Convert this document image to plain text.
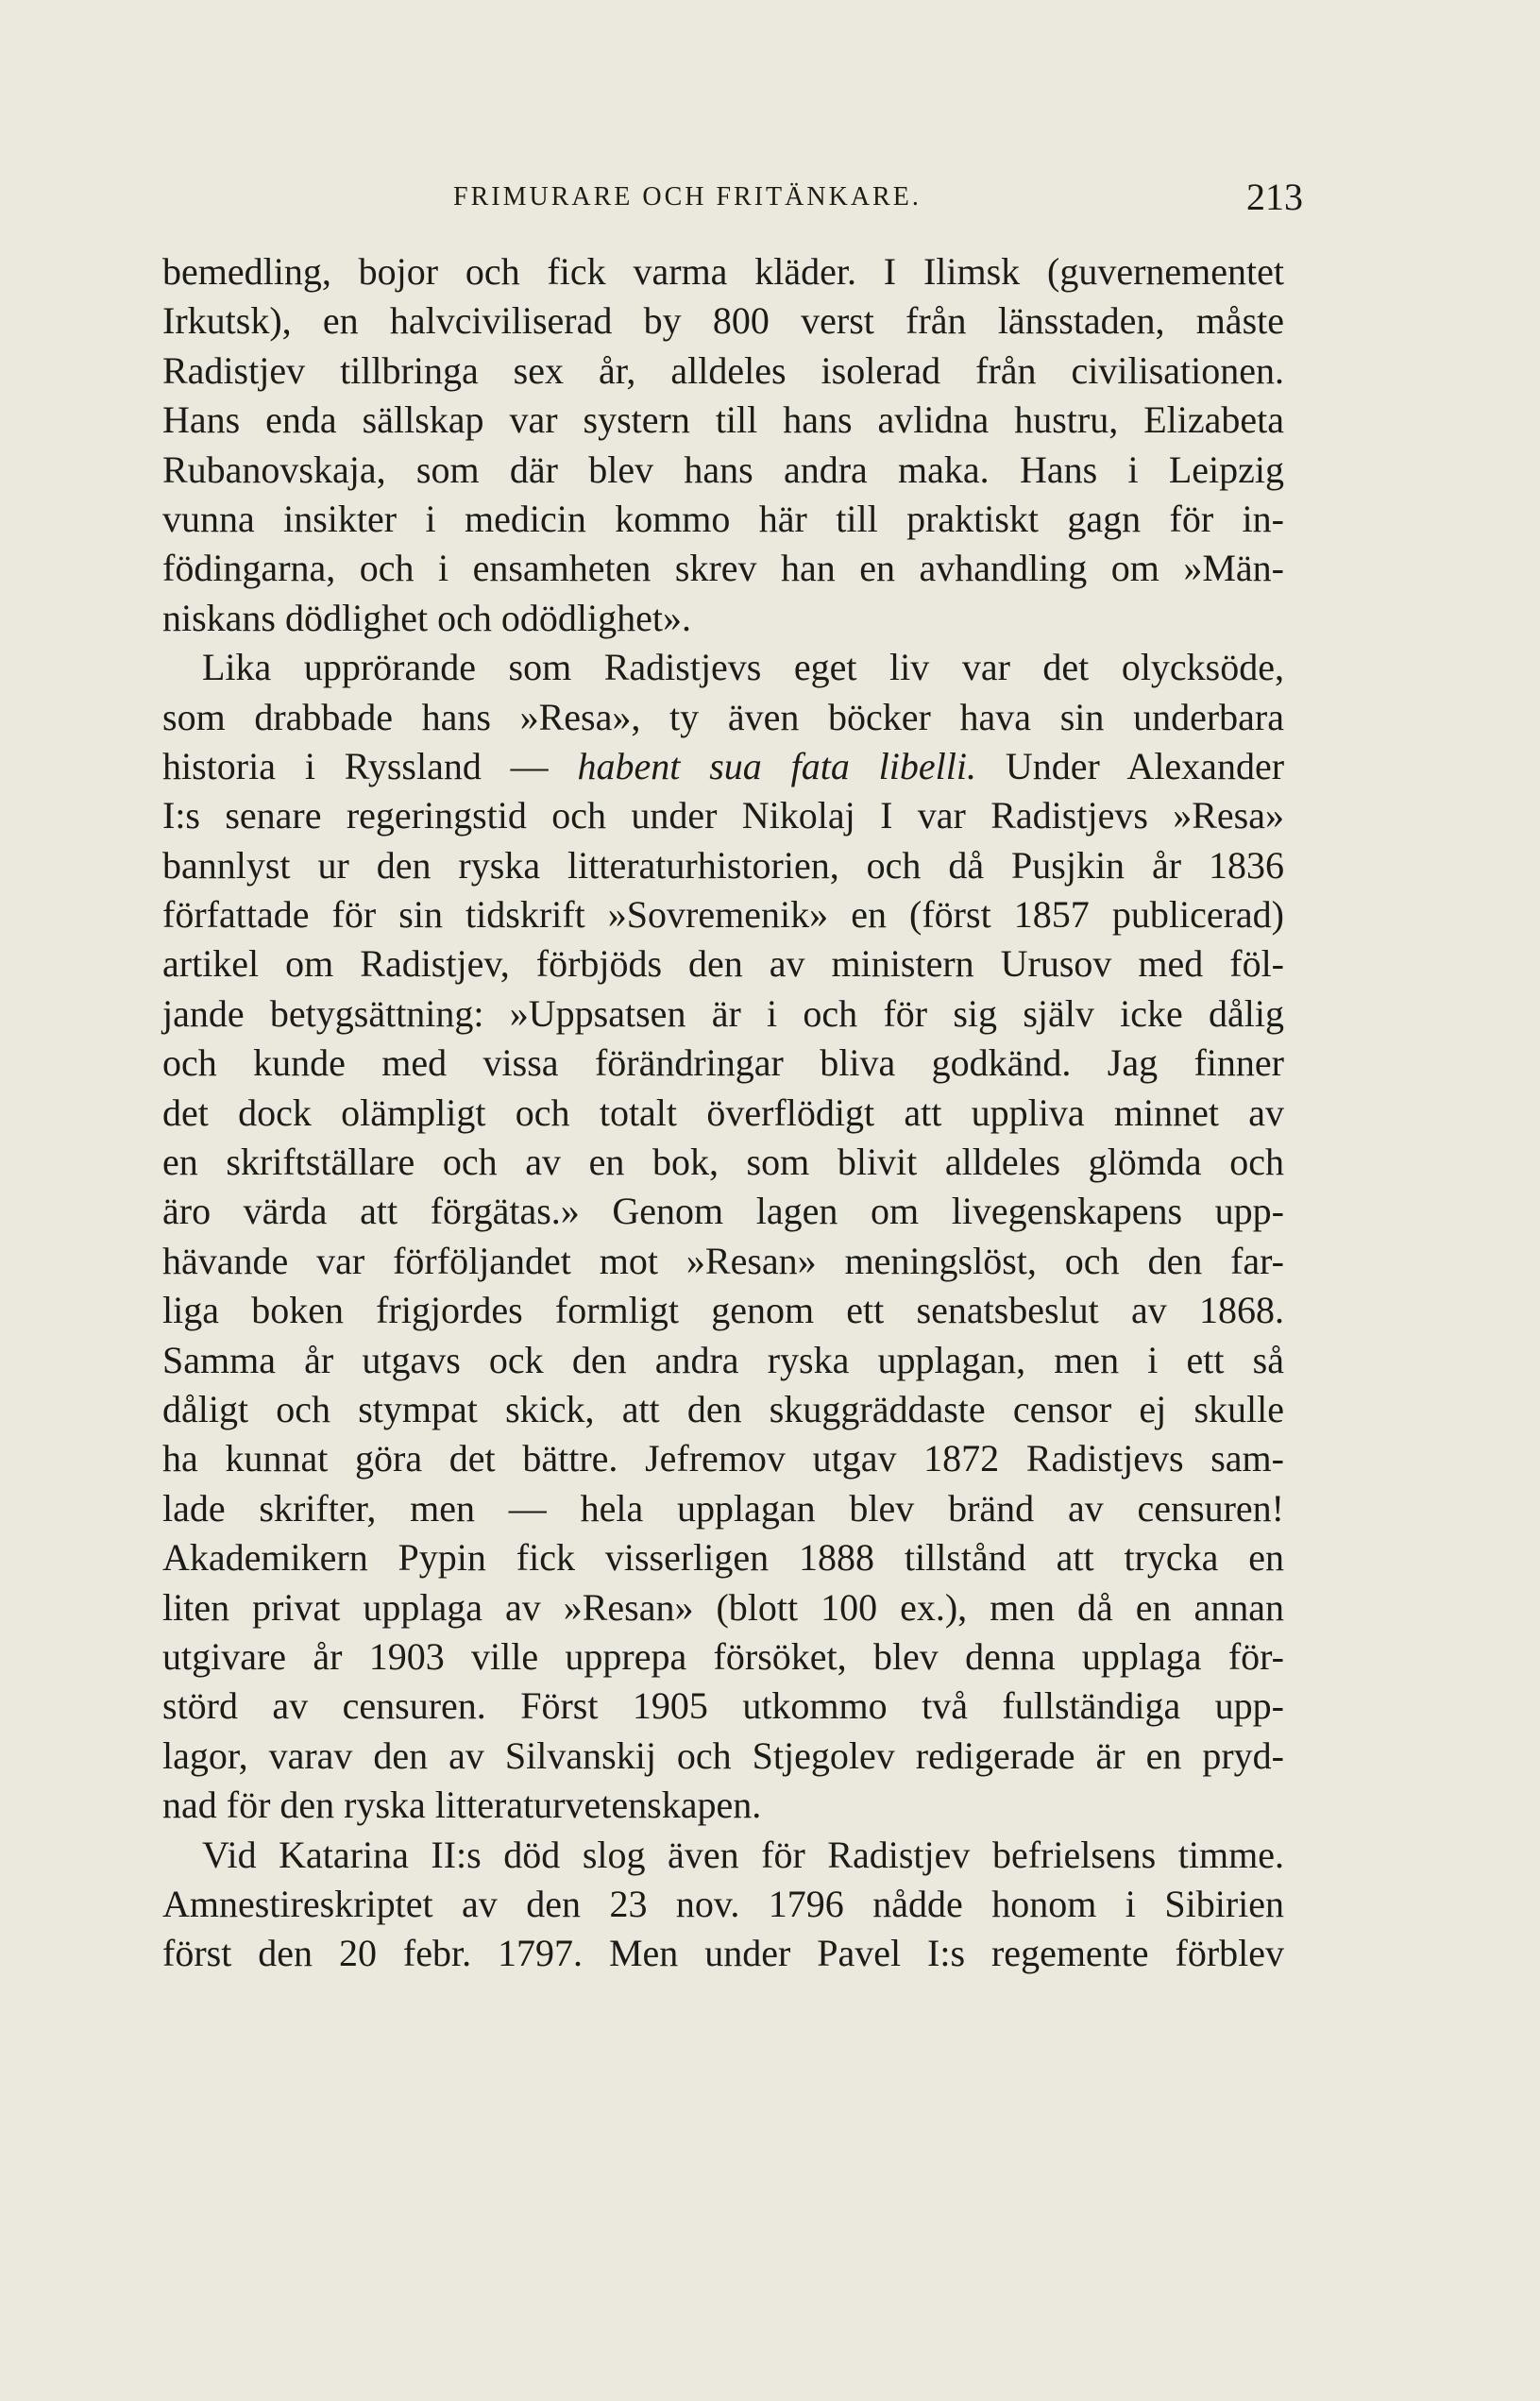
FRIMURARE OCH FRITÄNKARE.	213
bemedling, bojor och fick varma kläder. I Ilimsk (guvernementet
Irkutsk), en halvciviliserad by 800 verst från länsstaden, måste
Radistjev tillbringa sex år, alldeles isolerad från civilisationen.
Hans enda sällskap var systern till hans avlidna hustru, Elizabeta
Rubanovskaja, som där blev hans andra maka. Hans i Leipzig
vunna insikter i medicin kommo här till praktiskt gagn för in-
födingarna, och i ensamheten skrev han en avhandling om »Män-
niskans dödlighet och odödlighet».
Lika upprörande som Radistjevs eget liv var det olycksöde,
som drabbade hans »Resa», ty även böcker hava sin underbara
historia i Ryssland — habent sua fata libelli. Under Alexander
I:s senare regeringstid och under Nikolaj I var Radistjevs »Resa»
bannlyst ur den ryska litteraturhistorien, och då Pusjkin år 1836
författade för sin tidskrift »Sovremenik» en (först 1857 publicerad)
artikel om Radistjev, förbjöds den av ministern Urusov med föl-
jande betygsättning: »Uppsatsen är i och för sig själv icke dålig
och kunde med vissa förändringar bliva godkänd. Jag finner
det dock olämpligt och totalt överflödigt att uppliva minnet av
en skriftställare och av en bok, som blivit alldeles glömda och
äro värda att förgätas.» Genom lagen om livegenskapens upp-
hävande var förföljandet mot »Resan» meningslöst, och den far-
liga boken frigjordes formligt genom ett senatsbeslut av 1868.
Samma år utgavs ock den andra ryska upplagan, men i ett så
dåligt och stympat skick, att den skuggräddaste censor ej skulle
ha kunnat göra det bättre. Jefremov utgav 1872 Radistjevs sam-
lade skrifter, men — hela upplagan blev bränd av censuren!
Akademikern Pypin fick visserligen 1888 tillstånd att trycka en
liten privat upplaga av »Resan» (blott 100 ex.), men då en annan
utgivare år 1903 ville upprepa försöket, blev denna upplaga för-
störd av censuren. Först 1905 utkommo två fullständiga upp-
lagor, varav den av Silvanskij och Stjegolev redigerade är en pryd-
nad för den ryska litteraturvetenskapen.
Vid Katarina II:s död slog även för Radistjev befrielsens timme.
Amnestireskriptet av den 23 nov. 1796 nådde honom i Sibirien
först den 20 febr. 1797. Men under Pavel I:s regemente förblev
